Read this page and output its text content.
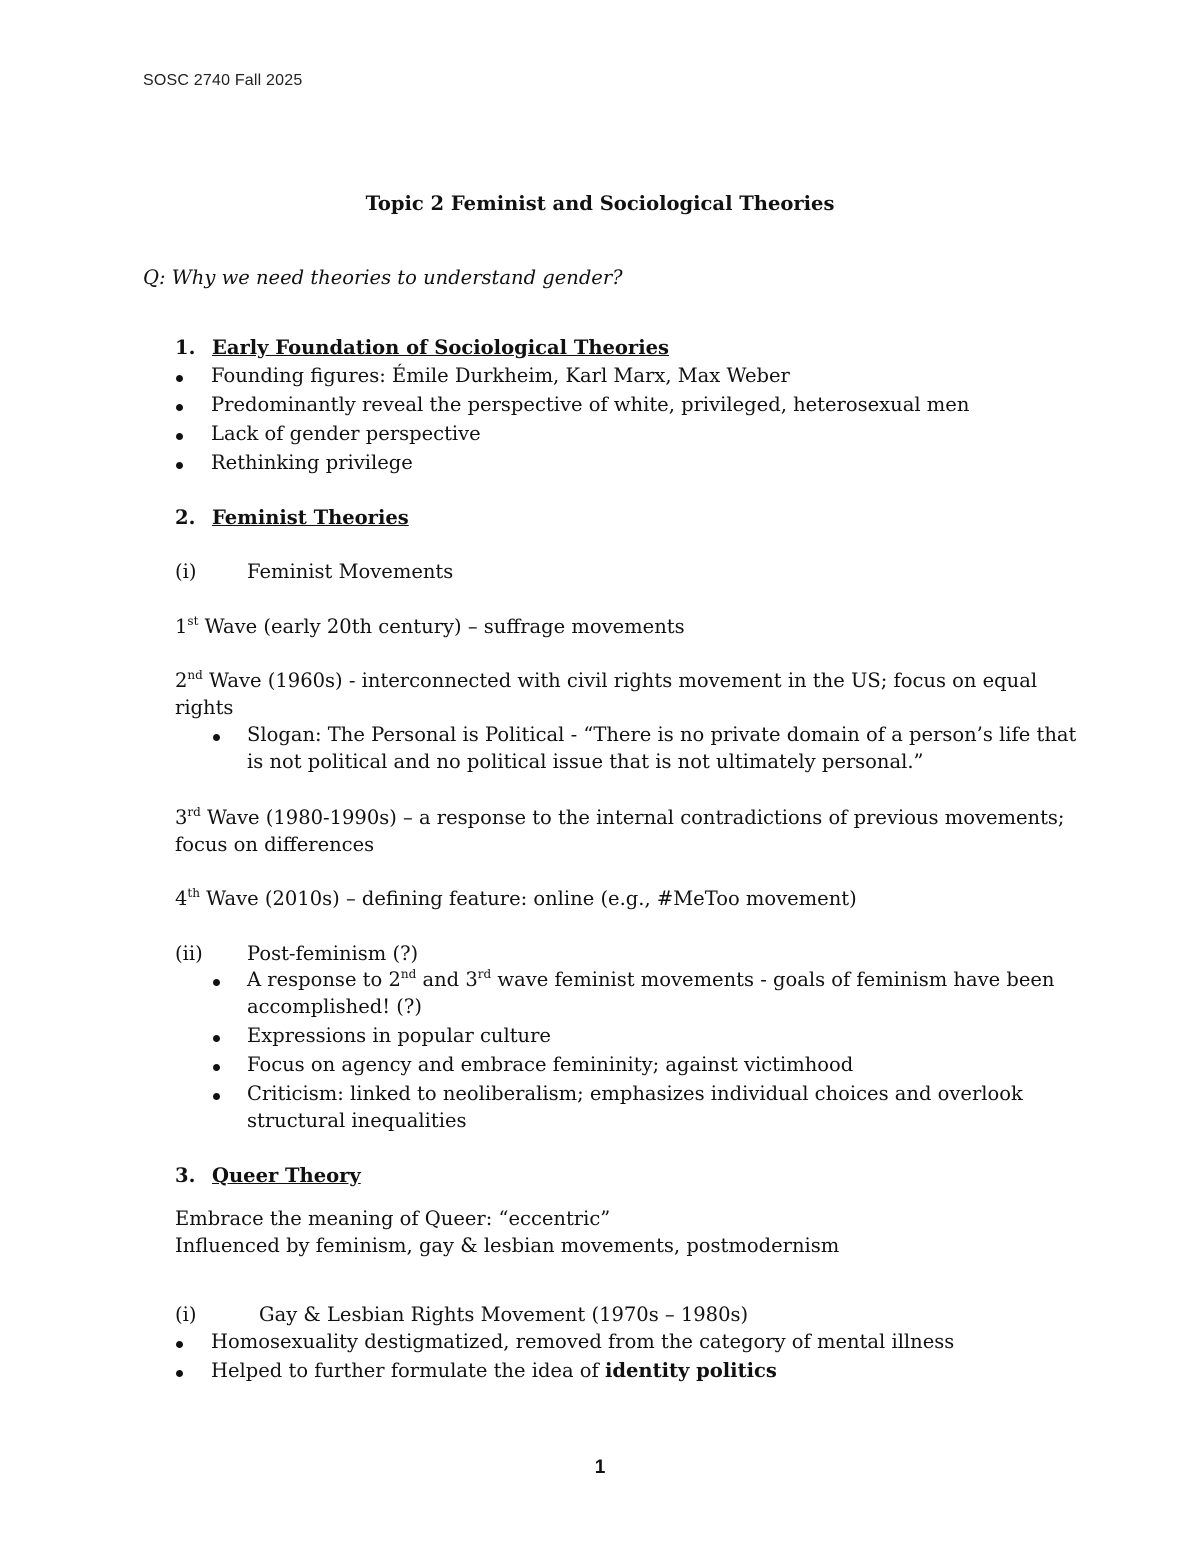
SOSC 2740 Fall 2025
Topic 2 Feminist and Sociological Theories
Q: Why we need theories to understand gender?
1. Early Foundation of Sociological Theories
Founding figures: Émile Durkheim, Karl Marx, Max Weber
Predominantly reveal the perspective of white, privileged, heterosexual men
Lack of gender perspective
Rethinking privilege
2. Feminist Theories
(i)	Feminist Movements
1st Wave (early 20th century) – suffrage movements
2nd Wave (1960s) - interconnected with civil rights movement in the US; focus on equal
rights
Slogan: The Personal is Political - “There is no private domain of a person’s life that
is not political and no political issue that is not ultimately personal.”
3rd Wave (1980-1990s) – a response to the internal contradictions of previous movements;
focus on differences
4th Wave (2010s) – defining feature: online (e.g., #MeToo movement)
(ii) Post-feminism (?)
A response to 2nd and 3rd wave feminist movements - goals of feminism have been
accomplished! (?)
Expressions in popular culture
Focus on agency and embrace femininity; against victimhood
Criticism: linked to neoliberalism; emphasizes individual choices and overlook
structural inequalities
3. Queer Theory
Embrace the meaning of Queer: “eccentric”
Influenced by feminism, gay & lesbian movements, postmodernism
(i)	Gay & Lesbian Rights Movement (1970s – 1980s)
Homosexuality destigmatized, removed from the category of mental illness
Helped to further formulate the idea of identity politics
1
